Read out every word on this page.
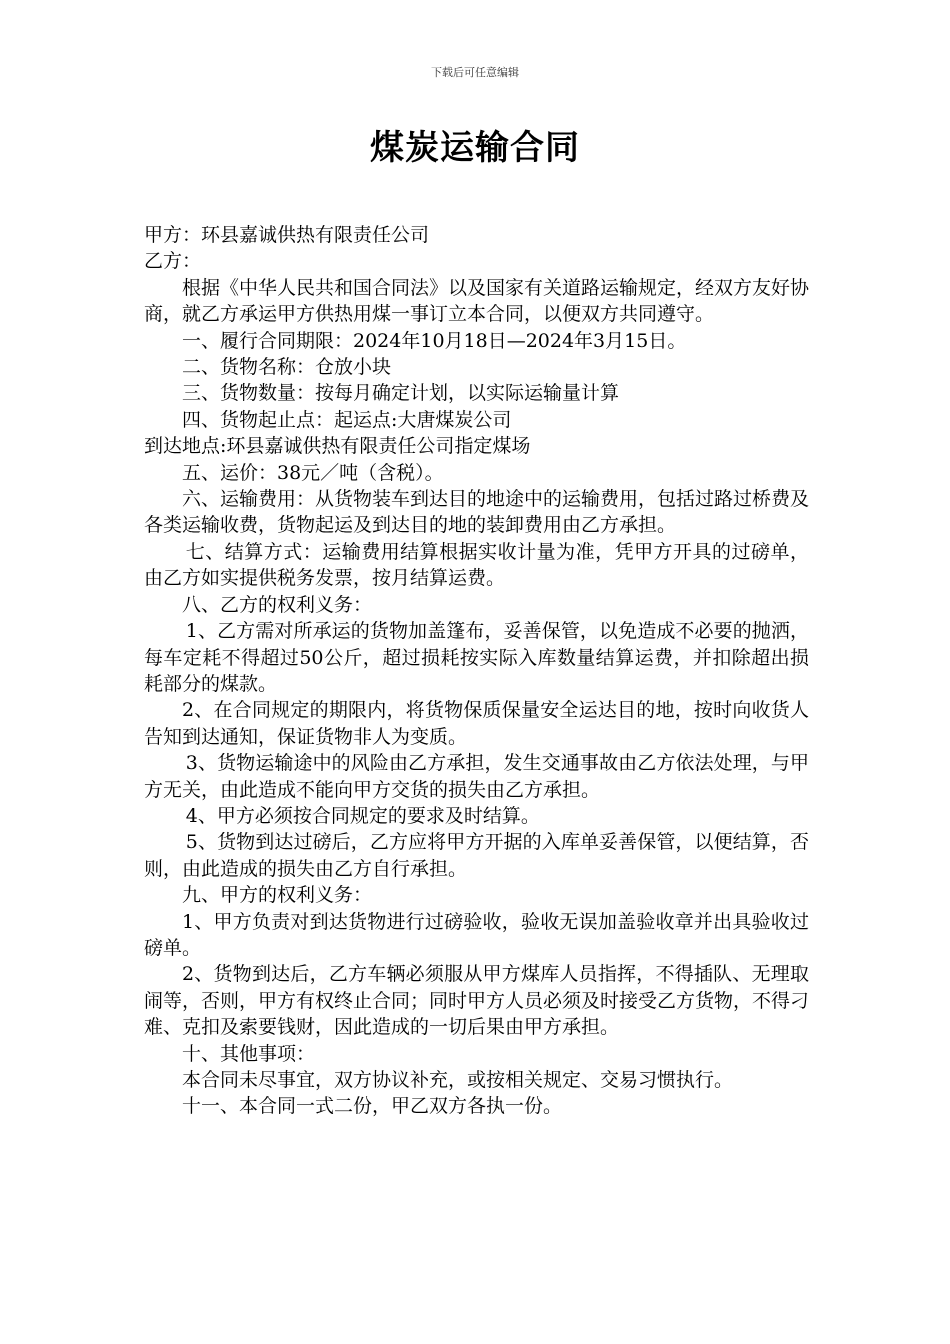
下载后可任意编辑
煤炭运输合同

甲方：环县嘉诚供热有限责任公司

乙方：

根据《中华人民共和国合同法》以及国家有关道路运输规定，经双方友好协商，就乙方承运甲方供热用煤一事订立本合同，以便双方共同遵守。

一、履行合同期限：2024年10月18日—2024年3月15日。

二、货物名称：仓放小块

三、货物数量：按每月确定计划，以实际运输量计算

四、货物起止点：起运点:大唐煤炭公司

到达地点:环县嘉诚供热有限责任公司指定煤场

五、运价：38元／吨（含税）。

六、运输费用：从货物装车到达目的地途中的运输费用，包括过路过桥费及各类运输收费，货物起运及到达目的地的装卸费用由乙方承担。

七、结算方式：运输费用结算根据实收计量为准，凭甲方开具的过磅单，由乙方如实提供税务发票，按月结算运费。

八、乙方的权利义务：

1、乙方需对所承运的货物加盖篷布，妥善保管，以免造成不必要的抛洒，每车定耗不得超过50公斤，超过损耗按实际入库数量结算运费，并扣除超出损耗部分的煤款。

2、在合同规定的期限内，将货物保质保量安全运达目的地，按时向收货人告知到达通知，保证货物非人为变质。

3、货物运输途中的风险由乙方承担，发生交通事故由乙方依法处理，与甲方无关，由此造成不能向甲方交货的损失由乙方承担。

4、甲方必须按合同规定的要求及时结算。

5、货物到达过磅后，乙方应将甲方开据的入库单妥善保管，以便结算，否则，由此造成的损失由乙方自行承担。

九、甲方的权利义务：

1、甲方负责对到达货物进行过磅验收，验收无误加盖验收章并出具验收过磅单。

2、货物到达后，乙方车辆必须服从甲方煤库人员指挥，不得插队、无理取闹等，否则，甲方有权终止合同；同时甲方人员必须及时接受乙方货物，不得刁难、克扣及索要钱财，因此造成的一切后果由甲方承担。

十、其他事项：

本合同未尽事宜，双方协议补充，或按相关规定、交易习惯执行。

十一、本合同一式二份，甲乙双方各执一份。
